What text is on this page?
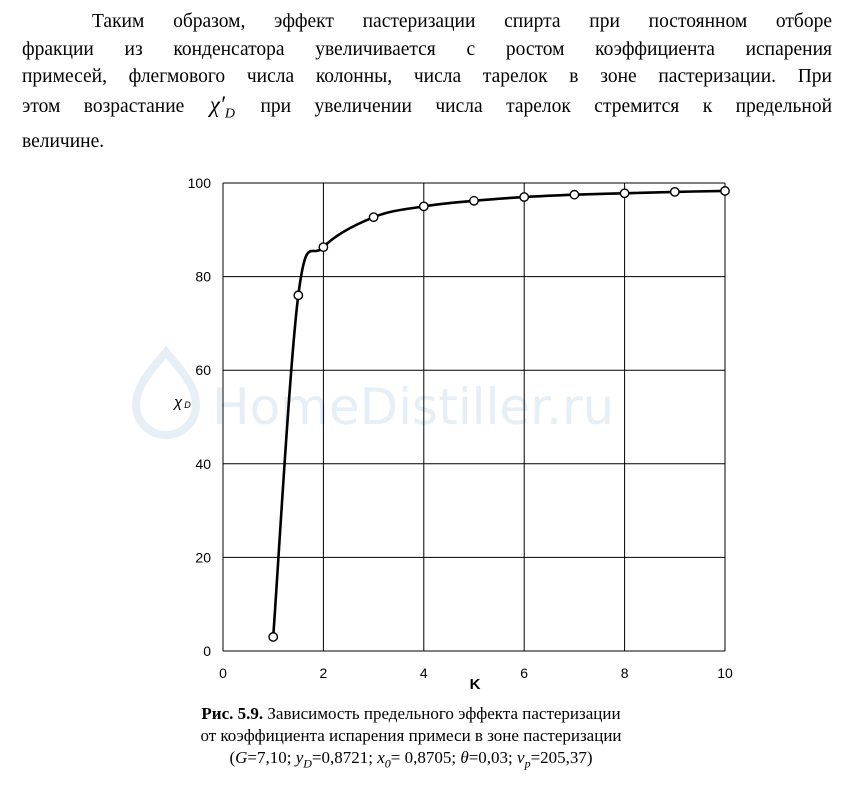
Таким образом, эффект пастеризации спирта при постоянном отборе
фракции из конденсатора увеличивается с ростом коэффициента испарения
примесей, флегмового числа колонны, числа тарелок в зоне пастеризации. При
этом возрастание $\chi'_D$ при увеличении числа тарелок стремится к предельной
величине.
HomeDistiller.ru
0
20
40
60
80
100
0	2	4	6	8	10
K
χ D
Рис. 5.9. Зависимость предельного эффекта пастеризации
от коэффициента испарения примеси в зоне пастеризации
(G=7,10; $y_D=0,8721$; $x_0= 0,8705$; θ=0,03; $v_p=205,37$)
